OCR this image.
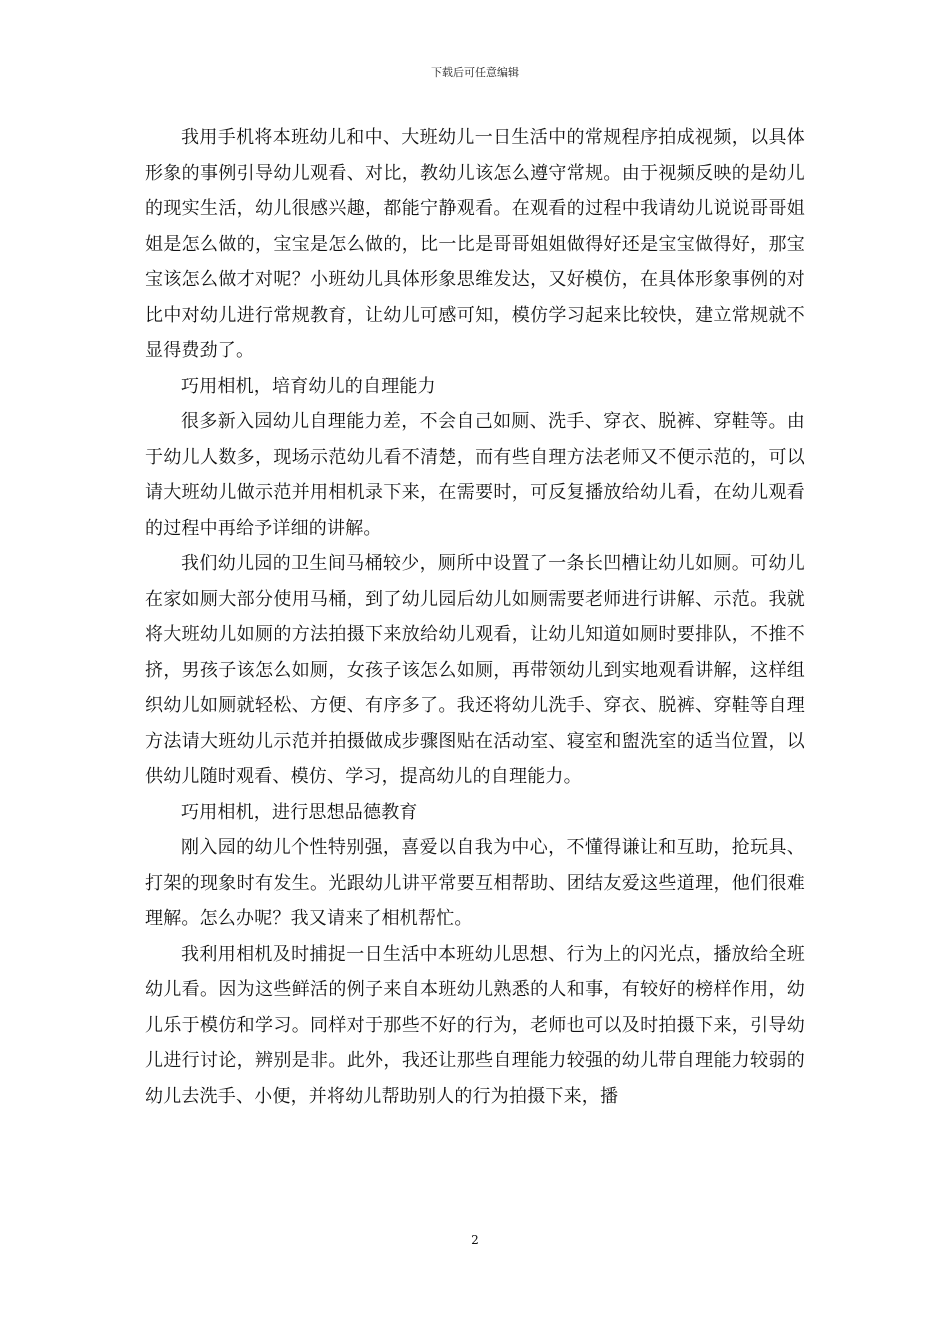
下载后可任意编辑

我用手机将本班幼儿和中、大班幼儿一日生活中的常规程序拍成视频，以具体形象的事例引导幼儿观看、对比，教幼儿该怎么遵守常规。由于视频反映的是幼儿的现实生活，幼儿很感兴趣，都能宁静观看。在观看的过程中我请幼儿说说哥哥姐姐是怎么做的，宝宝是怎么做的，比一比是哥哥姐姐做得好还是宝宝做得好，那宝宝该怎么做才对呢？小班幼儿具体形象思维发达，又好模仿，在具体形象事例的对比中对幼儿进行常规教育，让幼儿可感可知，模仿学习起来比较快，建立常规就不显得费劲了。

巧用相机，培育幼儿的自理能力

很多新入园幼儿自理能力差，不会自己如厕、洗手、穿衣、脱裤、穿鞋等。由于幼儿人数多，现场示范幼儿看不清楚，而有些自理方法老师又不便示范的，可以请大班幼儿做示范并用相机录下来，在需要时，可反复播放给幼儿看，在幼儿观看的过程中再给予详细的讲解。

我们幼儿园的卫生间马桶较少，厕所中设置了一条长凹槽让幼儿如厕。可幼儿在家如厕大部分使用马桶，到了幼儿园后幼儿如厕需要老师进行讲解、示范。我就将大班幼儿如厕的方法拍摄下来放给幼儿观看，让幼儿知道如厕时要排队，不推不挤，男孩子该怎么如厕，女孩子该怎么如厕，再带领幼儿到实地观看讲解，这样组织幼儿如厕就轻松、方便、有序多了。我还将幼儿洗手、穿衣、脱裤、穿鞋等自理方法请大班幼儿示范并拍摄做成步骤图贴在活动室、寝室和盥洗室的适当位置，以供幼儿随时观看、模仿、学习，提高幼儿的自理能力。

巧用相机，进行思想品德教育

刚入园的幼儿个性特别强，喜爱以自我为中心，不懂得谦让和互助，抢玩具、打架的现象时有发生。光跟幼儿讲平常要互相帮助、团结友爱这些道理，他们很难理解。怎么办呢？我又请来了相机帮忙。

我利用相机及时捕捉一日生活中本班幼儿思想、行为上的闪光点，播放给全班幼儿看。因为这些鲜活的例子来自本班幼儿熟悉的人和事，有较好的榜样作用，幼儿乐于模仿和学习。同样对于那些不好的行为，老师也可以及时拍摄下来，引导幼儿进行讨论，辨别是非。此外，我还让那些自理能力较强的幼儿带自理能力较弱的幼儿去洗手、小便，并将幼儿帮助别人的行为拍摄下来，播

2
